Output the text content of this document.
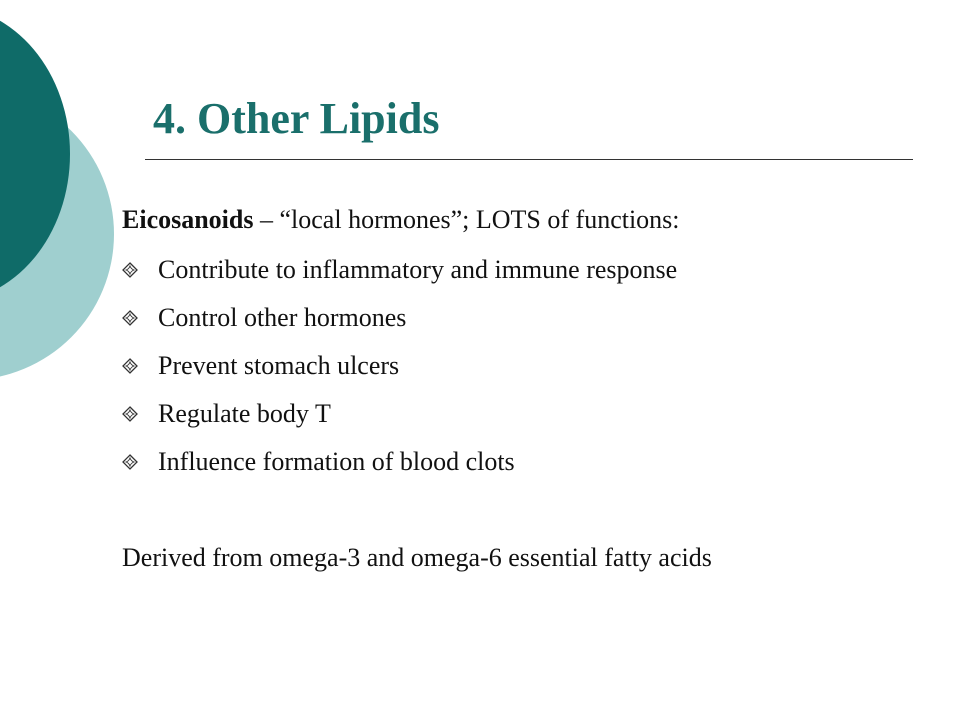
4. Other Lipids
Eicosanoids – “local hormones”; LOTS of functions:
Contribute to inflammatory and immune response
Control other hormones
Prevent stomach ulcers
Regulate body T
Influence formation of blood clots
Derived from omega-3 and omega-6 essential fatty acids
